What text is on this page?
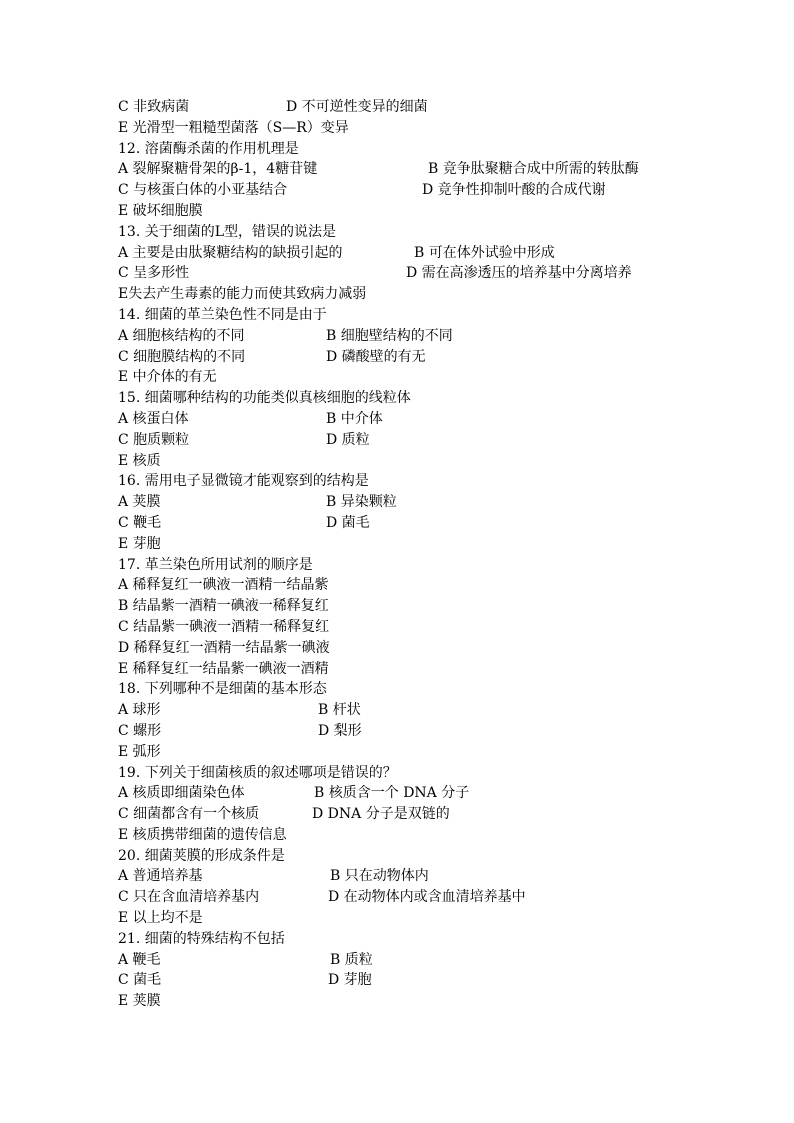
C 非致病菌	D 不可逆性变异的细菌
E 光滑型一粗糙型菌落（S—R）变异
12. 溶菌酶杀菌的作用机理是
A 裂解聚糖骨架的β-1，4糖苷键	B 竞争肽聚糖合成中所需的转肽酶
C 与核蛋白体的小亚基结合	D 竞争性抑制叶酸的合成代谢
E 破坏细胞膜
13. 关于细菌的L型，错误的说法是
A 主要是由肽聚糖结构的缺损引起的	B 可在体外试验中形成
C 呈多形性	D 需在高渗透压的培养基中分离培养
E失去产生毒素的能力而使其致病力减弱
14. 细菌的革兰染色性不同是由于
A 细胞核结构的不同	B 细胞壁结构的不同
C 细胞膜结构的不同	D 磷酸壁的有无
E 中介体的有无
15. 细菌哪种结构的功能类似真核细胞的线粒体
A 核蛋白体	B 中介体
C 胞质颗粒	D 质粒
E 核质
16. 需用电子显微镜才能观察到的结构是
A 荚膜	B 异染颗粒
C 鞭毛	D 菌毛
E 芽胞
17. 革兰染色所用试剂的顺序是
A 稀释复红一碘液一酒精一结晶紫
B 结晶紫一酒精一碘液一稀释复红
C 结晶紫一碘液一酒精一稀释复红
D 稀释复红一酒精一结晶紫一碘液
E 稀释复红一结晶紫一碘液一酒精
18. 下列哪种不是细菌的基本形态
A 球形	B 杆状
C 螺形	D 梨形
E 弧形
19. 下列关于细菌核质的叙述哪项是错误的？
A 核质即细菌染色体	B 核质含一个 DNA 分子
C 细菌都含有一个核质	D DNA 分子是双链的
E 核质携带细菌的遗传信息
20. 细菌荚膜的形成条件是
A 普通培养基	B 只在动物体内
C 只在含血清培养基内	D 在动物体内或含血清培养基中
E 以上均不是
21. 细菌的特殊结构不包括
A 鞭毛	B 质粒
C 菌毛	D 芽胞
E 荚膜
